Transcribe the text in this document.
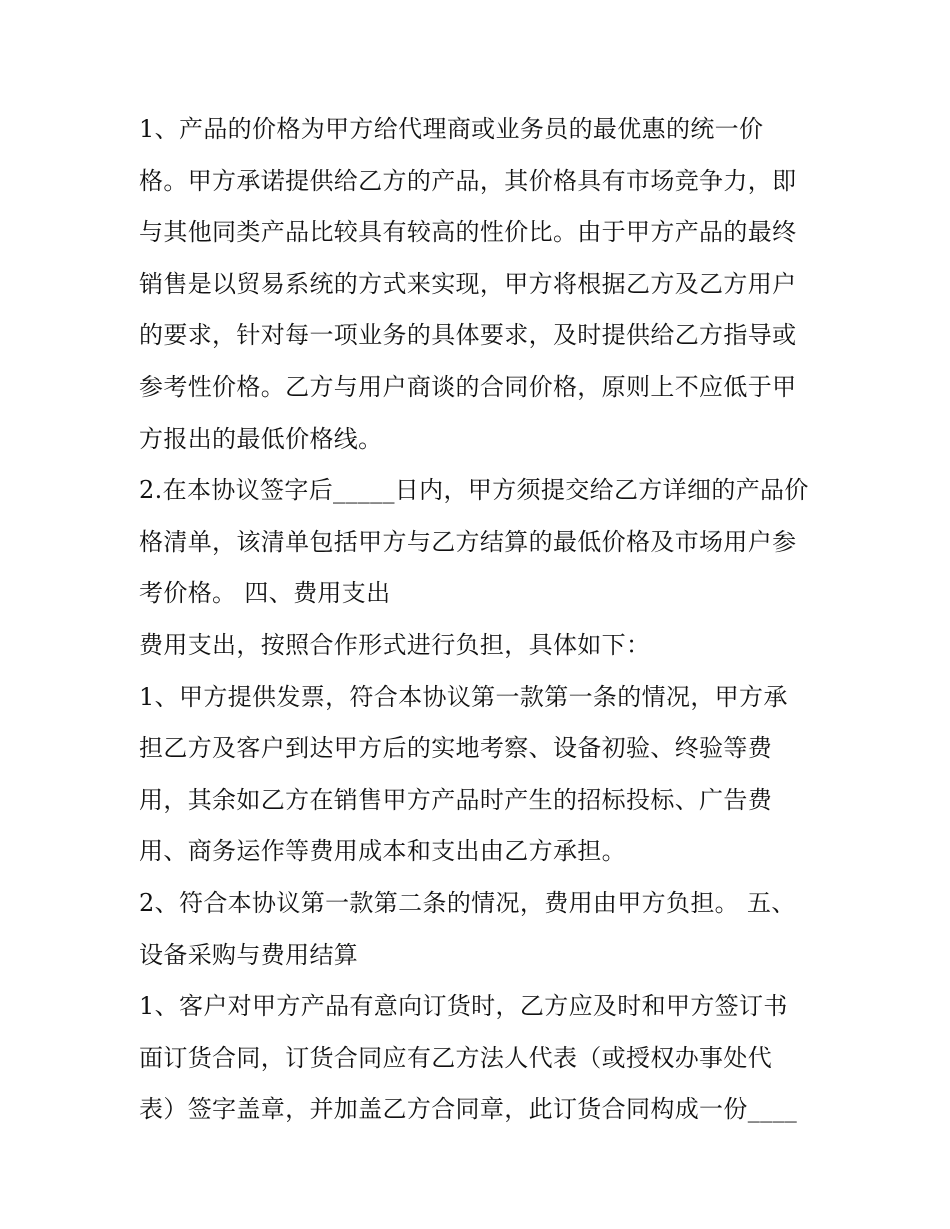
1、产品的价格为甲方给代理商或业务员的最优惠的统一价
格。甲方承诺提供给乙方的产品，其价格具有市场竞争力，即
与其他同类产品比较具有较高的性价比。由于甲方产品的最终
销售是以贸易系统的方式来实现，甲方将根据乙方及乙方用户
的要求，针对每一项业务的具体要求，及时提供给乙方指导或
参考性价格。乙方与用户商谈的合同价格，原则上不应低于甲
方报出的最低价格线。
2.在本协议签字后_____日内，甲方须提交给乙方详细的产品价
格清单，该清单包括甲方与乙方结算的最低价格及市场用户参
考价格。 四、费用支出
费用支出，按照合作形式进行负担，具体如下：
1、甲方提供发票，符合本协议第一款第一条的情况，甲方承
担乙方及客户到达甲方后的实地考察、设备初验、终验等费
用，其余如乙方在销售甲方产品时产生的招标投标、广告费
用、商务运作等费用成本和支出由乙方承担。
2、符合本协议第一款第二条的情况，费用由甲方负担。 五、
设备采购与费用结算
1、客户对甲方产品有意向订货时，乙方应及时和甲方签订书
面订货合同，订货合同应有乙方法人代表（或授权办事处代
表）签字盖章，并加盖乙方合同章，此订货合同构成一份____
